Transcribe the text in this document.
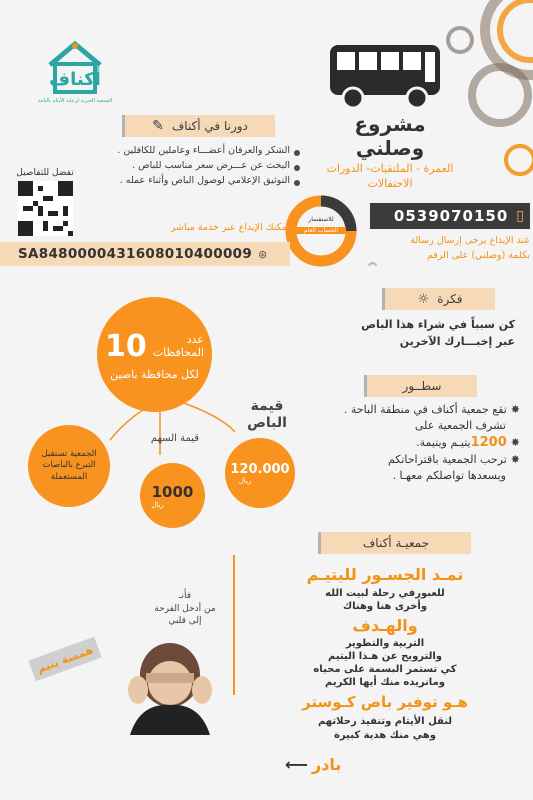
أكناف
الجمعية الخيرية لرعاية الأيتام بالباحة
مشروع وصلني
العمرة - الملتقيات- الدورات
الاحتفالات
دورنا في أكناف
✎
الشكر والعرفان أعضـــاء وعاملين للكافلين .
البحث عن عـــرض سعر مناسب للباص .
التوثيق الإعلامي لوصول الباص وأثناء عمله .
تفضل للتفاصيل
0539070150 ▯
يمكنك الإيداع عبر خدمة مباشر
للاستفسار
الحساب العام
SA8480000431608010400009 ⊛
عند الإيداع يرجى إرسال رسالة
بكلمة (وصلني) على الرقم
︽
فكرة
☼
كن سبباً في شراء هذا الباص
عبر إخبـــارك الآخرين
سطــور
✸تقع جمعية أكناف في منطقة الباحة .
تشرف الجمعية على
✸1200يتيـم ويتيمة.
✸ترحب الجمعية باقتراحاتكم
ويسعدها تواصلكم معهـا .
عدد
المحافظات
10
لكل محافظة باصين
قيمة الباص
120.000
ريال
قيمة السهم
1000
ريال
الجمعية تستقبل
التبرع بالباصات
المستعملة
جمعيـة أكناف
تمـد الجسـور لليتيـم
للعبورفي رحلة لبيت الله
وأخرى هنا وهناك
والهـدف
التربية والتطوير
والترويح عن هـذا اليتيم
كي تستمر البسمة على محياه
ومانريده منك أيها الكريم
هـو توفير باص كـوستر
لنقل الأيتام وتنفيذ رحلاتهم
وهي منك هدية كبيرة
بادر
⟵
فأنـ
من أدخل الفرحة
إلى قلبي
همسة يتيم
